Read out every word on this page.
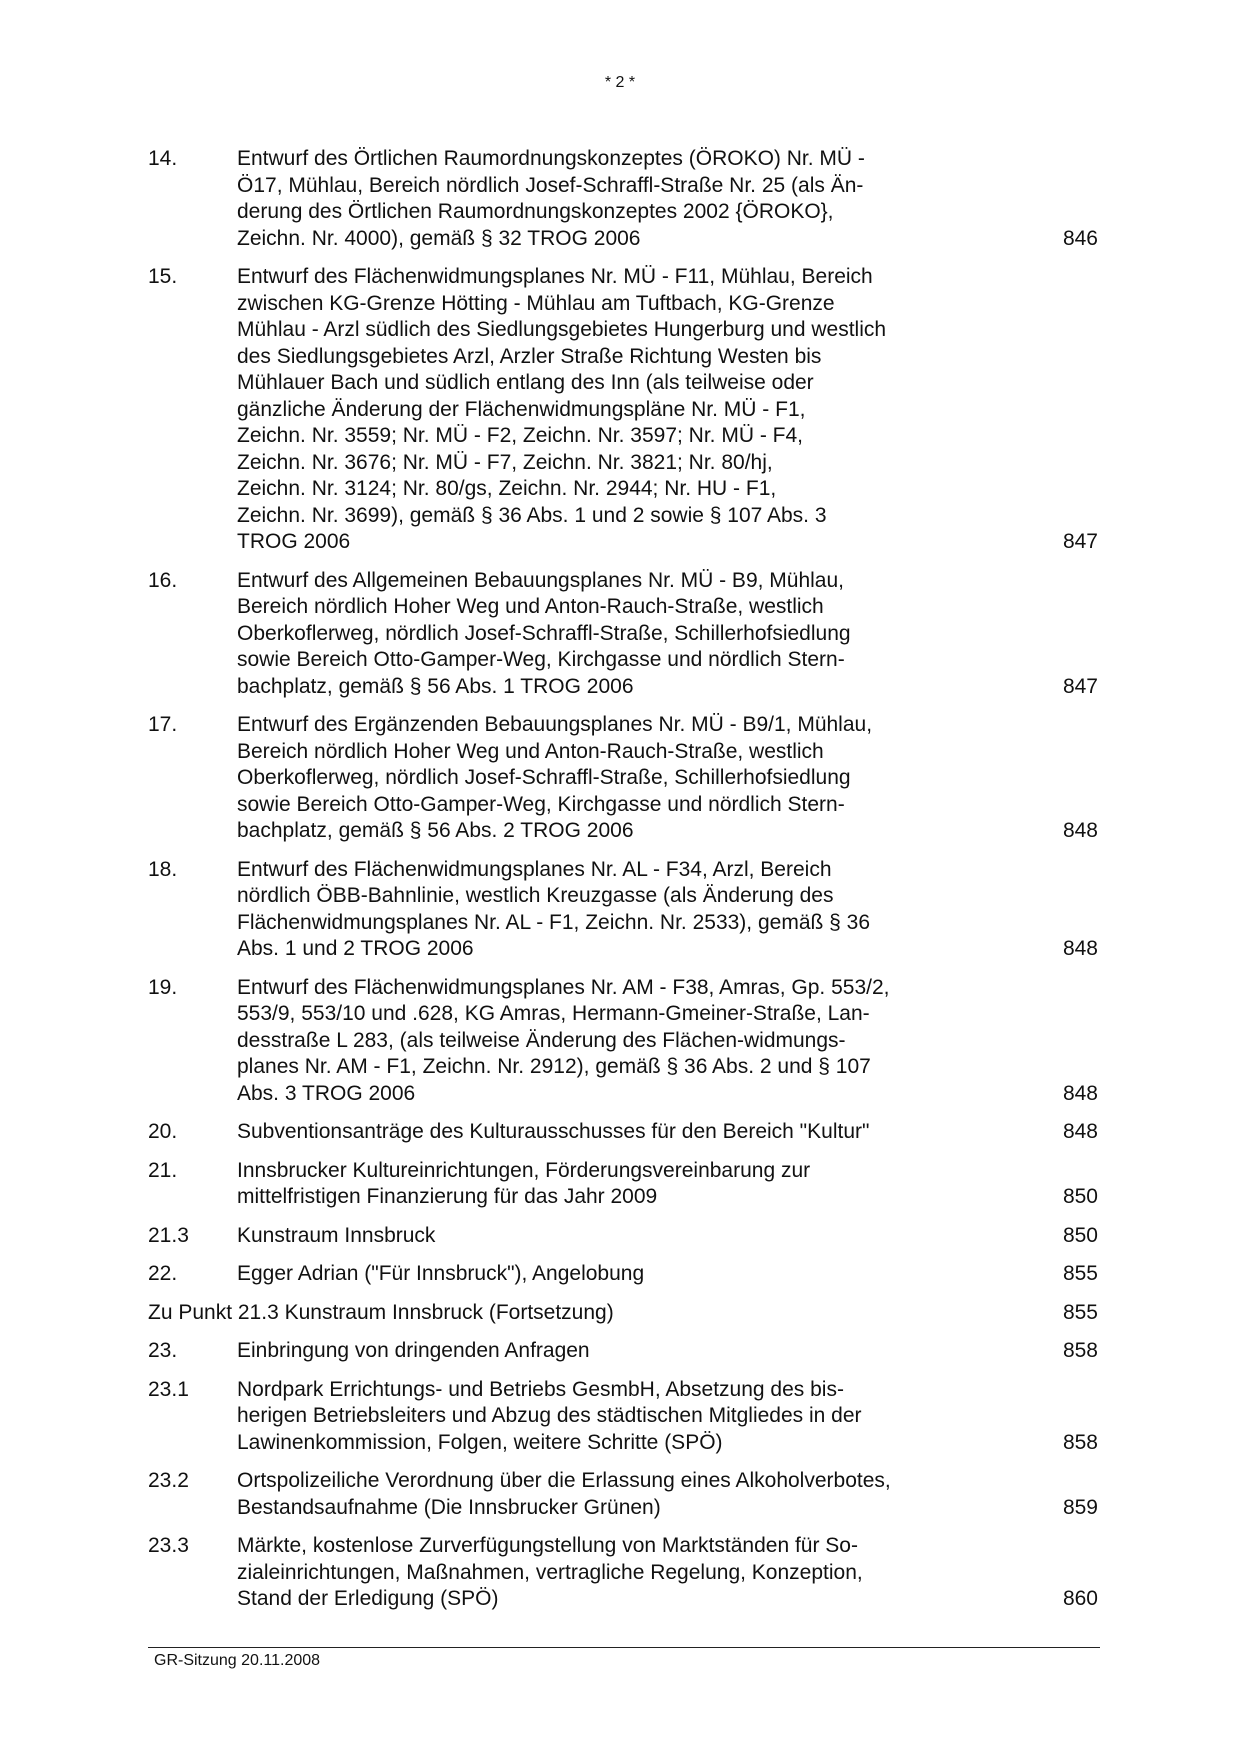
* 2 *
14.	Entwurf des Örtlichen Raumordnungskonzeptes (ÖROKO) Nr. MÜ -
Ö17, Mühlau, Bereich nördlich Josef-Schraffl-Straße Nr. 25 (als Än-
derung des Örtlichen Raumordnungskonzeptes 2002 {ÖROKO},
Zeichn. Nr. 4000), gemäß § 32 TROG 2006	846
15.	Entwurf des Flächenwidmungsplanes Nr. MÜ - F11, Mühlau, Bereich
zwischen KG-Grenze Hötting - Mühlau am Tuftbach, KG-Grenze
Mühlau - Arzl südlich des Siedlungsgebietes Hungerburg und westlich
des Siedlungsgebietes Arzl, Arzler Straße Richtung Westen bis
Mühlauer Bach und südlich entlang des Inn (als teilweise oder
gänzliche Änderung der Flächenwidmungspläne Nr. MÜ - F1,
Zeichn. Nr. 3559; Nr. MÜ - F2, Zeichn. Nr. 3597; Nr. MÜ - F4,
Zeichn. Nr. 3676; Nr. MÜ - F7, Zeichn. Nr. 3821; Nr. 80/hj,
Zeichn. Nr. 3124; Nr. 80/gs, Zeichn. Nr. 2944; Nr. HU - F1,
Zeichn. Nr. 3699), gemäß § 36 Abs. 1 und 2 sowie § 107 Abs. 3
TROG 2006	847
16.	Entwurf des Allgemeinen Bebauungsplanes Nr. MÜ - B9, Mühlau,
Bereich nördlich Hoher Weg und Anton-Rauch-Straße, westlich
Oberkoflerweg, nördlich Josef-Schraffl-Straße, Schillerhofsiedlung
sowie Bereich Otto-Gamper-Weg, Kirchgasse und nördlich Stern-
bachplatz, gemäß § 56 Abs. 1 TROG 2006	847
17.	Entwurf des Ergänzenden Bebauungsplanes Nr. MÜ - B9/1, Mühlau,
Bereich nördlich Hoher Weg und Anton-Rauch-Straße, westlich
Oberkoflerweg, nördlich Josef-Schraffl-Straße, Schillerhofsiedlung
sowie Bereich Otto-Gamper-Weg, Kirchgasse und nördlich Stern-
bachplatz, gemäß § 56 Abs. 2 TROG 2006	848
18.	Entwurf des Flächenwidmungsplanes Nr. AL - F34, Arzl, Bereich
nördlich ÖBB-Bahnlinie, westlich Kreuzgasse (als Änderung des
Flächenwidmungsplanes Nr. AL - F1, Zeichn. Nr. 2533), gemäß § 36
Abs. 1 und 2 TROG 2006	848
19.	Entwurf des Flächenwidmungsplanes Nr. AM - F38, Amras, Gp. 553/2,
553/9, 553/10 und .628, KG Amras, Hermann-Gmeiner-Straße, Lan-
desstraße L 283, (als teilweise Änderung des Flächen-widmungs-
planes Nr. AM - F1, Zeichn. Nr. 2912), gemäß § 36 Abs. 2 und § 107
Abs. 3 TROG 2006	848
20.	Subventionsanträge des Kulturausschusses für den Bereich "Kultur"	848
21.	Innsbrucker Kultureinrichtungen, Förderungsvereinbarung zur
mittelfristigen Finanzierung für das Jahr 2009	850
21.3	Kunstraum Innsbruck	850
22.	Egger Adrian ("Für Innsbruck"), Angelobung	855
Zu Punkt 21.3 Kunstraum Innsbruck (Fortsetzung)	855
23.	Einbringung von dringenden Anfragen	858
23.1	Nordpark Errichtungs- und Betriebs GesmbH, Absetzung des bis-
herigen Betriebsleiters und Abzug des städtischen Mitgliedes in der
Lawinenkommission, Folgen, weitere Schritte (SPÖ)	858
23.2	Ortspolizeiliche Verordnung über die Erlassung eines Alkoholverbotes,
Bestandsaufnahme (Die Innsbrucker Grünen)	859
23.3	Märkte, kostenlose Zurverfügungstellung von Marktständen für So-
zialeinrichtungen, Maßnahmen, vertragliche Regelung, Konzeption,
Stand der Erledigung (SPÖ)	860
GR-Sitzung 20.11.2008
